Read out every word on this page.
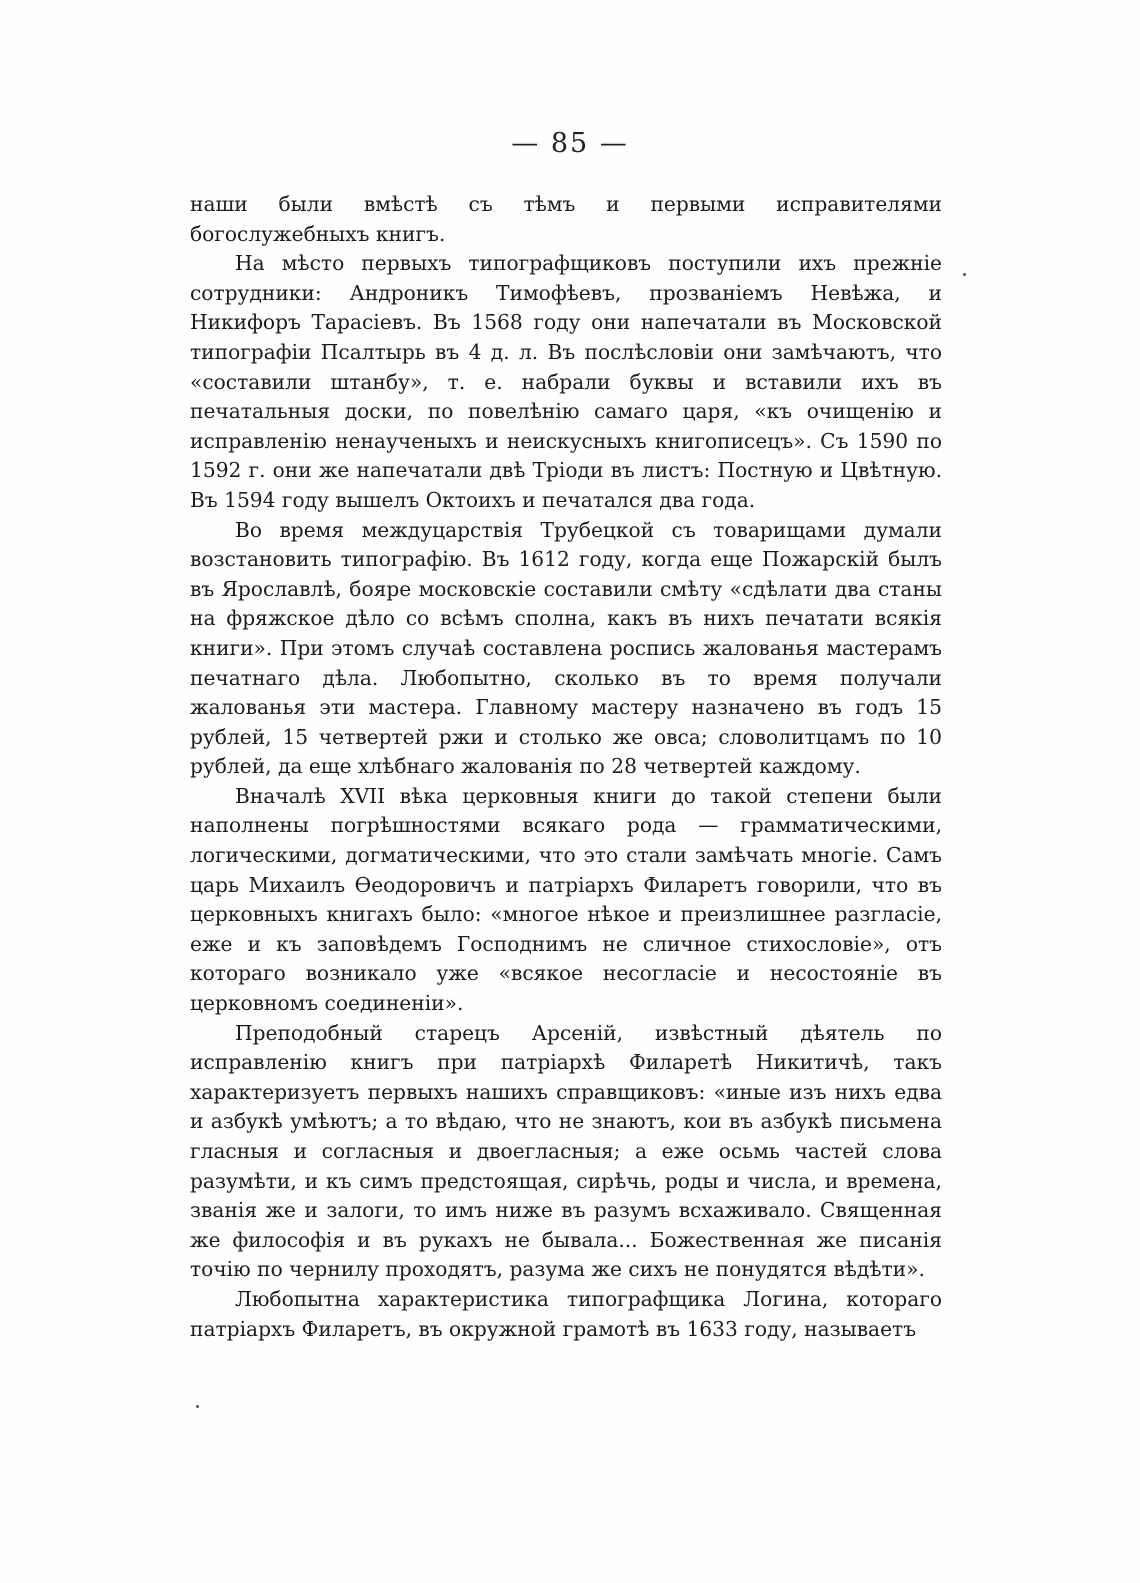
— 85 —

наши были вмѣстѣ съ тѣмъ и первыми исправителями богослужебныхъ книгъ.

На мѣсто первыхъ типографщиковъ поступили ихъ прежніе сотрудники: Андроникъ Тимофѣевъ, прозваніемъ Невѣжа, и Никифоръ Тарасіевъ. Въ 1568 году они напечатали въ Московской типографіи Псалтырь въ 4 д. л. Въ послѣсловіи они замѣчаютъ, что «составили штанбу», т. е. набрали буквы и вставили ихъ въ печатальныя доски, по повелѣнію самаго царя, «къ очищенію и исправленію ненаученыхъ и неискусныхъ книгописецъ». Съ 1590 по 1592 г. они же напечатали двѣ Тріоди въ листъ: Постную и Цвѣтную. Въ 1594 году вышелъ Октоихъ и печатался два года.

Во время междуцарствія Трубецкой съ товарищами думали возстановить типографію. Въ 1612 году, когда еще Пожарскій былъ въ Ярославлѣ, бояре московскіе составили смѣту «сдѣлати два станы на фряжское дѣло со всѣмъ сполна, какъ въ нихъ печатати всякія книги». При этомъ случаѣ составлена роспись жалованья мастерамъ печатнаго дѣла. Любопытно, сколько въ то время получали жалованья эти мастера. Главному мастеру назначено въ годъ 15 рублей, 15 четвертей ржи и столько же овса; словолитцамъ по 10 рублей, да еще хлѣбнаго жалованія по 28 четвертей каждому.

Вначалѣ XVII вѣка церковныя книги до такой степени были наполнены погрѣшностями всякаго рода — грамматическими, логическими, догматическими, что это стали замѣчать многіе. Самъ царь Михаилъ Ѳеодоровичъ и патріархъ Филаретъ говорили, что въ церковныхъ книгахъ было: «многое нѣкое и преизлишнее разгласіе, еже и къ заповѣдемъ Господнимъ не сличное стихословіе», отъ котораго возникало уже «всякое несогласіе и несостояніе въ церковномъ соединеніи».

Преподобный старецъ Арсеній, извѣстный дѣятель по исправленію книгъ при патріархѣ Филаретѣ Никитичѣ, такъ характеризуетъ первыхъ нашихъ справщиковъ: «иные изъ нихъ едва и азбукѣ умѣютъ; а то вѣдаю, что не знаютъ, кои въ азбукѣ письмена гласныя и согласныя и двоегласныя; а еже осьмь частей слова разумѣти, и къ симъ предстоящая, сирѣчь, роды и числа, и времена, званія же и залоги, то имъ ниже въ разумъ всхаживало. Священная же философія и въ рукахъ не бывала... Божественная же писанія точію по чернилу проходятъ, разума же сихъ не понудятся вѣдѣти».

Любопытна характеристика типографщика Логина, котораго патріархъ Филаретъ, въ окружной грамотѣ въ 1633 году, называетъ
